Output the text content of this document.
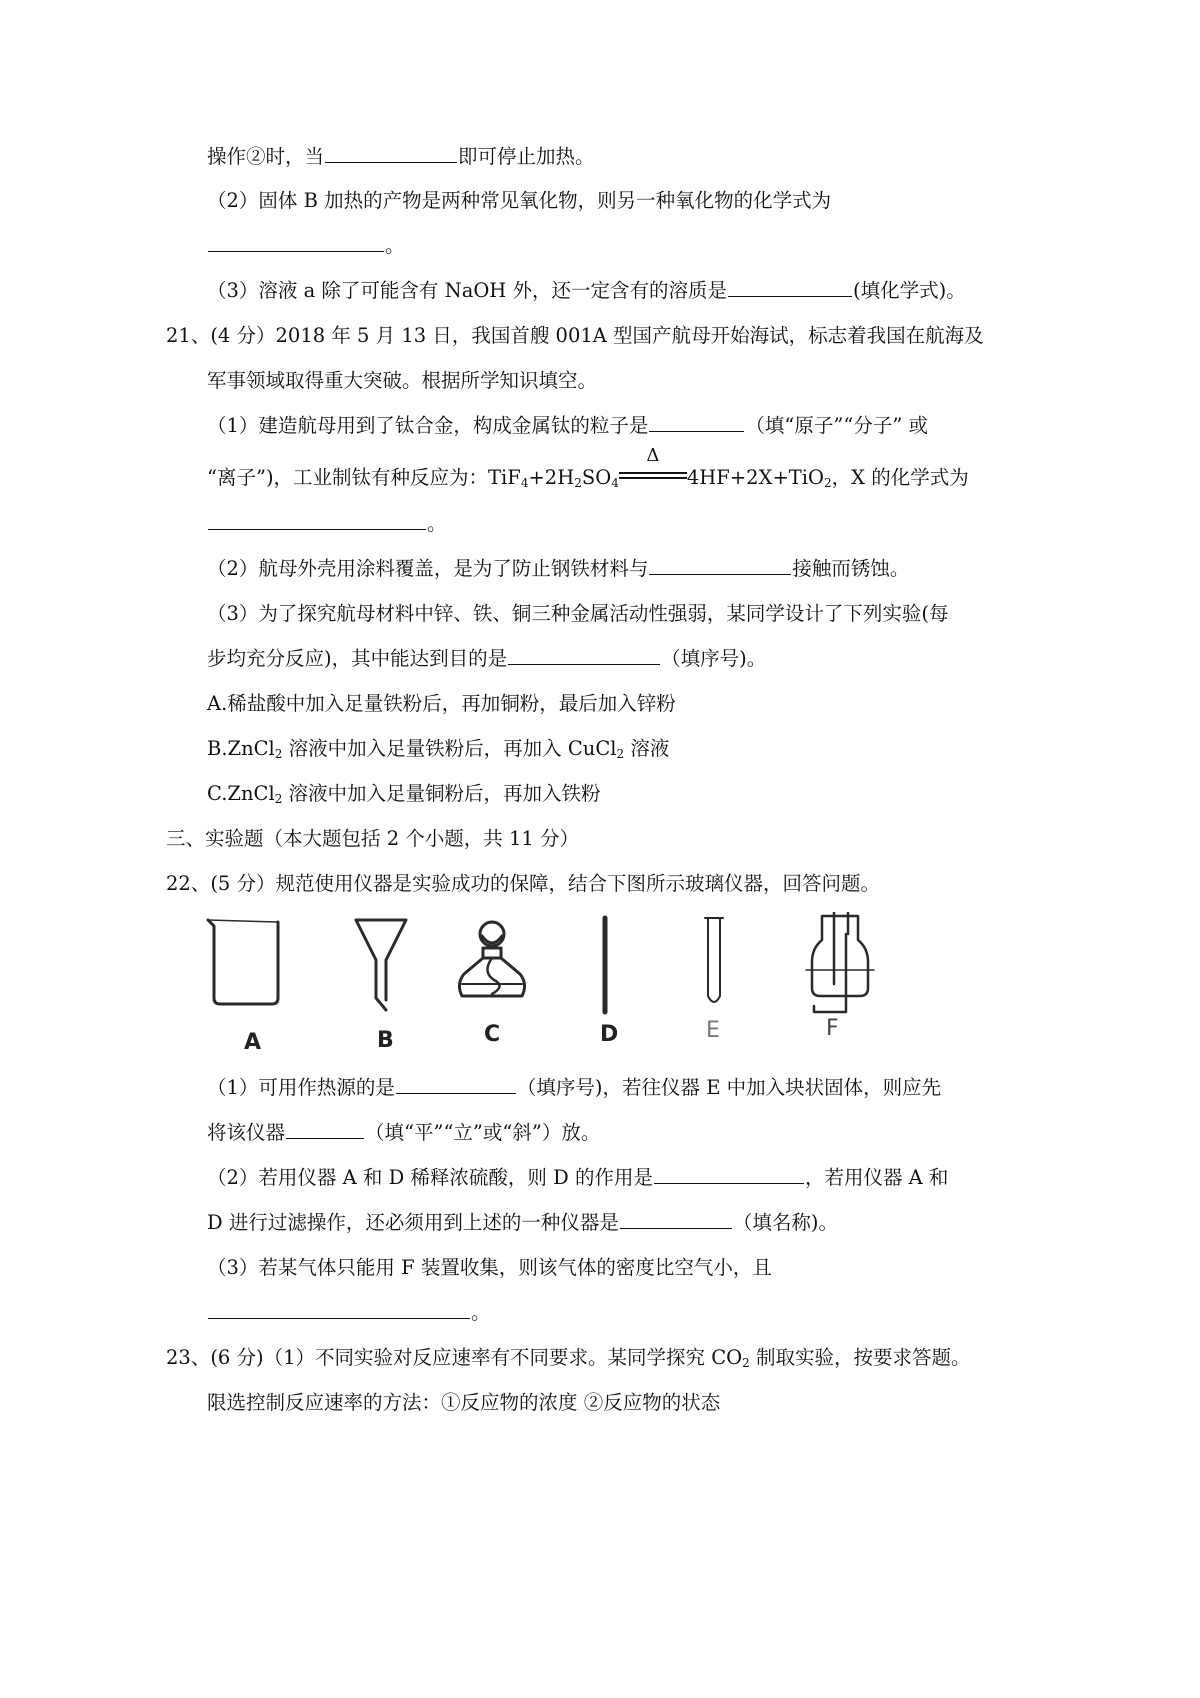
操作②时，当	即可停止加热。
（2）固体 B 加热的产物是两种常见氧化物，则另一种氧化物的化学式为
。
（3）溶液 a 除了可能含有 NaOH 外，还一定含有的溶质是	(填化学式)。
21、(4 分）2018 年 5 月 13 日，我国首艘 001A 型国产航母开始海试，标志着我国在航海及
军事领域取得重大突破。根据所学知识填空。
（1）建造航母用到了钛合金，构成金属钛的粒子是	（填“原子”“分子” 或
“离子”)，工业制钛有种反应为：$TiF_4+2H_2SO_4$
Δ
4HF+2X+TiO$_2$，X 的化学式为
。
（2）航母外壳用涂料覆盖，是为了防止钢铁材料与	接触而锈蚀。
（3）为了探究航母材料中锌、铁、铜三种金属活动性强弱，某同学设计了下列实验(每
步均充分反应)，其中能达到目的是	（填序号)。
A.稀盐酸中加入足量铁粉后，再加铜粉，最后加入锌粉
B.ZnCl$_2$ 溶液中加入足量铁粉后，再加入 CuCl$_2$ 溶液
C.ZnCl$_2$ 溶液中加入足量铜粉后，再加入铁粉
三、实验题（本大题包括 2 个小题，共 11 分）
22、(5 分）规范使用仪器是实验成功的保障，结合下图所示玻璃仪器，回答问题。
A	B	C	D	E	F
（1）可用作热源的是	（填序号)，若往仪器 E 中加入块状固体，则应先
将该仪器	（填“平”“立”或“斜”）放。
（2）若用仪器 A 和 D 稀释浓硫酸，则 D 的作用是	，若用仪器 A 和
D 进行过滤操作，还必须用到上述的一种仪器是	（填名称)。
（3）若某气体只能用 F 装置收集，则该气体的密度比空气小，且
。
23、(6 分)（1）不同实验对反应速率有不同要求。某同学探究 $CO_2$ 制取实验，按要求答题。
限选控制反应速率的方法：①反应物的浓度 ②反应物的状态
